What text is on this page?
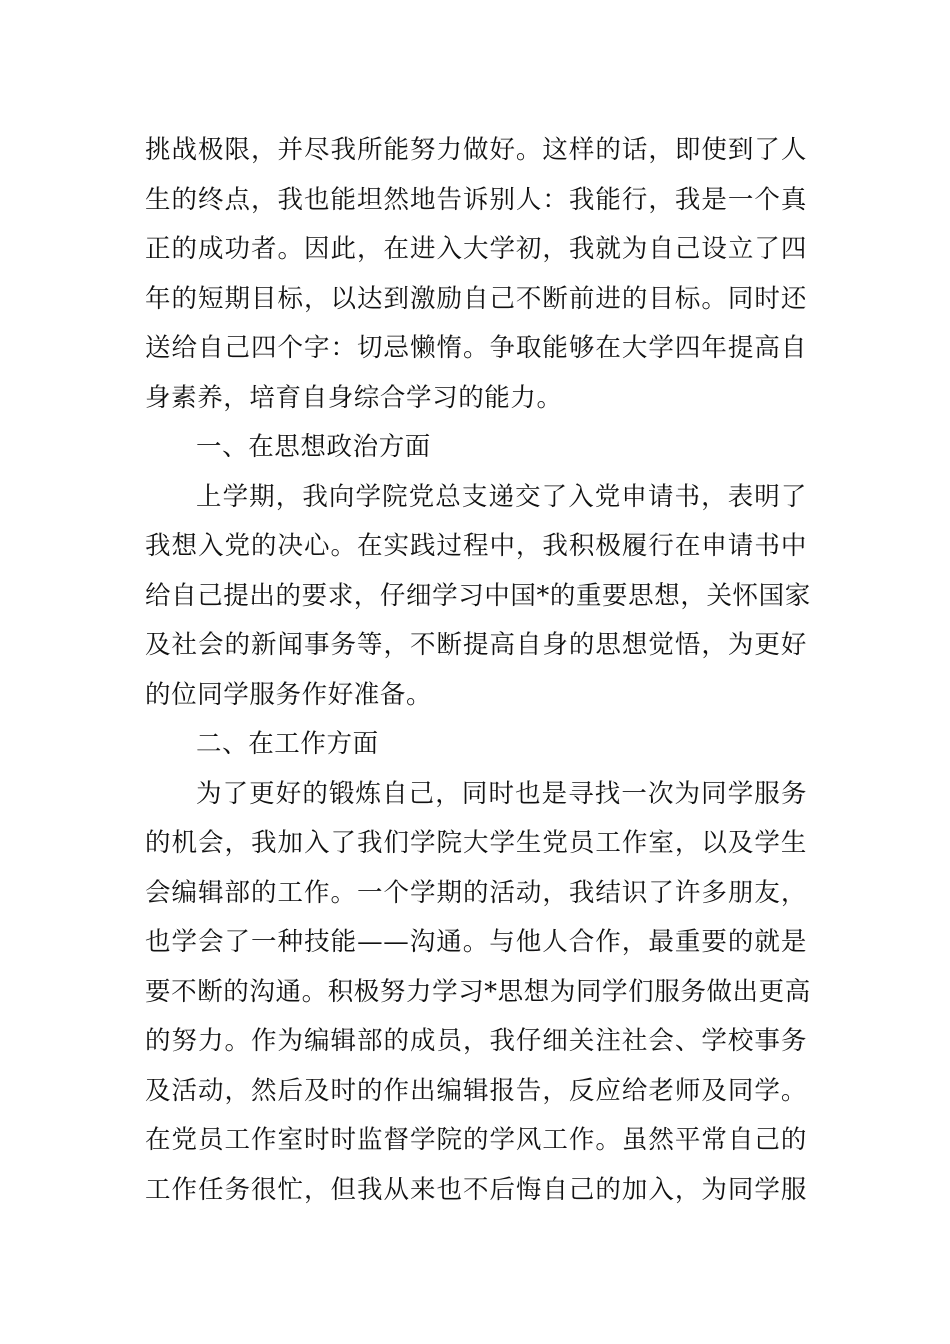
挑战极限，并尽我所能努力做好。这样的话，即使到了人
生的终点，我也能坦然地告诉别人：我能行，我是一个真
正的成功者。因此，在进入大学初，我就为自己设立了四
年的短期目标，以达到激励自己不断前进的目标。同时还
送给自己四个字：切忌懒惰。争取能够在大学四年提高自
身素养，培育自身综合学习的能力。
一、在思想政治方面
上学期，我向学院党总支递交了入党申请书，表明了
我想入党的决心。在实践过程中，我积极履行在申请书中
给自己提出的要求，仔细学习中国*的重要思想，关怀国家
及社会的新闻事务等，不断提高自身的思想觉悟，为更好
的位同学服务作好准备。
二、在工作方面
为了更好的锻炼自己，同时也是寻找一次为同学服务
的机会，我加入了我们学院大学生党员工作室，以及学生
会编辑部的工作。一个学期的活动，我结识了许多朋友，
也学会了一种技能——沟通。与他人合作，最重要的就是
要不断的沟通。积极努力学习*思想为同学们服务做出更高
的努力。作为编辑部的成员，我仔细关注社会、学校事务
及活动，然后及时的作出编辑报告，反应给老师及同学。
在党员工作室时时监督学院的学风工作。虽然平常自己的
工作任务很忙，但我从来也不后悔自己的加入，为同学服
